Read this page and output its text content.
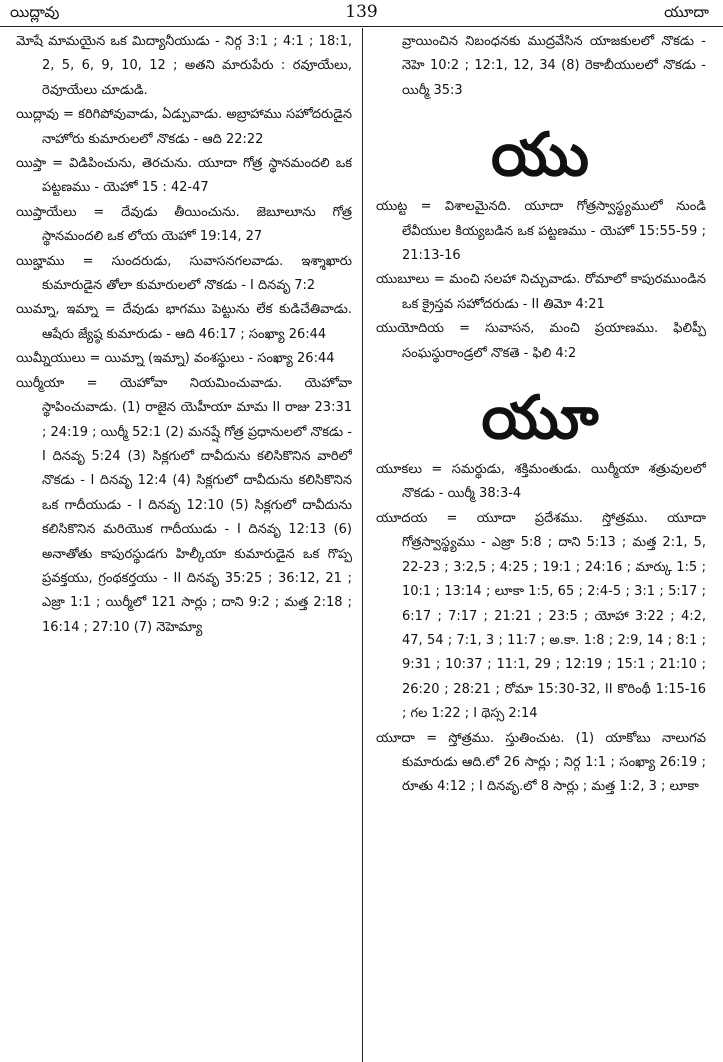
యిద్లావు	139	యూదా

మోషే మామయైన ఒక మిద్యానీయుడు - నిర్గ 3:1 ; 4:1 ; 18:1, 2, 5, 6, 9, 10, 12 ; అతని మారుపేరు : రవూయేలు, రెవూయేలు చూడుడి.

యిద్లావు = కరిగిపోవువాడు, ఏడ్పువాడు. అబ్రాహాము సహోదరుడైన నాహోరు కుమారులలో నొకడు - ఆది 22:22

యిప్తా = విడిపించును, తెరచును. యూదా గోత్ర స్థానమందలి ఒక పట్టణము - యెహో 15 : 42-47

యిప్తాయేలు = దేవుడు తీయించును. జెబూలూను గోత్ర స్థానమందలి ఒక లోయ యెహో 19:14, 27

యిబ్హాము = సుందరుడు, సువాసనగలవాడు. ఇశ్శాఖారు కుమారుడైన తోలా కుమారులలో నొకడు - I దినవృ 7:2

యిమ్నా, ఇమ్నా = దేవుడు భాగము పెట్టును లేక కుడిచేతివాడు. ఆషేరు జ్యేష్ఠ కుమారుడు - ఆది 46:17 ; సంఖ్యా 26:44

యిమ్నీయులు = యిమ్నా (ఇమ్నా) వంశస్థులు - సంఖ్యా 26:44

యిర్మీయా = యెహోవా నియమించువాడు. యెహోవా స్థాపించువాడు. (1) రాజైన యెహీయా మామ II రాజు 23:31 ; 24:19 ; యిర్మీ 52:1 (2) మనష్షే గోత్ర ప్రధానులలో నొకడు - I దినవృ 5:24 (3) సిక్లగులో దావీదును కలిసికొనిన వారిలో నొకడు - I దినవృ 12:4 (4) సిక్లగులో దావీదును కలిసికొనిన ఒక గాదీయుడు - I దినవృ 12:10 (5) సిక్లగులో దావీదును కలిసికొనిన మరియొక గాదీయుడు - I దినవృ 12:13 (6) అనాతోతు కాపురస్థుడగు హిల్కీయా కుమారుడైన ఒక గొప్ప ప్రవక్తయు, గ్రంథకర్తయు - II దినవృ 35:25 ; 36:12, 21 ; ఎజ్రా 1:1 ; యిర్మీలో 121 సార్లు ; దాని 9:2 ; మత్త 2:18 ; 16:14 ; 27:10 (7) నెహెమ్యా

వ్రాయించిన నిబంధనకు ముద్రవేసిన యాజకులలో నొకడు - నెహె 10:2 ; 12:1, 12, 34 (8) రెకాబీయులలో నొకడు - యిర్మీ 35:3

యు

యుట్ట = విశాలమైనది. యూదా గోత్రస్వాస్థ్యములో నుండి లేవీయుల కియ్యబడిన ఒక పట్టణము - యెహో 15:55-59 ; 21:13-16

యుబూలు = మంచి సలహా నిచ్చువాడు. రోమాలో కాపురముండిన ఒక క్రైస్తవ సహోదరుడు - II తిమో 4:21

యుయోదియ = సువాసన, మంచి ప్రయాణము. ఫిలిప్పీ సంఘస్థురాండ్రలో నొకతె - ఫిలి 4:2

యూ

యూకలు = సమర్థుడు, శక్తిమంతుడు. యిర్మీయా శత్రువులలో నొకడు - యిర్మీ 38:3-4

యూదయ = యూదా ప్రదేశము. స్తోత్రము. యూదా గోత్రస్వాస్థ్యము - ఎజ్రా 5:8 ; దాని 5:13 ; మత్త 2:1, 5, 22-23 ; 3:2,5 ; 4:25 ; 19:1 ; 24:16 ; మార్కు 1:5 ; 10:1 ; 13:14 ; లూకా 1:5, 65 ; 2:4-5 ; 3:1 ; 5:17 ; 6:17 ; 7:17 ; 21:21 ; 23:5 ; యోహా 3:22 ; 4:2, 47, 54 ; 7:1, 3 ; 11:7 ; అ.కా. 1:8 ; 2:9, 14 ; 8:1 ; 9:31 ; 10:37 ; 11:1, 29 ; 12:19 ; 15:1 ; 21:10 ; 26:20 ; 28:21 ; రోమా 15:30-32, II కొరింథీ 1:15-16 ; గల 1:22 ; I థెస్స 2:14

యూదా = స్తోత్రము. స్తుతించుట. (1) యాకోబు నాలుగవ కుమారుడు ఆది.లో 26 సార్లు ; నిర్గ 1:1 ; సంఖ్యా 26:19 ; రూతు 4:12 ; I దినవృ.లో 8 సార్లు ; మత్త 1:2, 3 ; లూకా
